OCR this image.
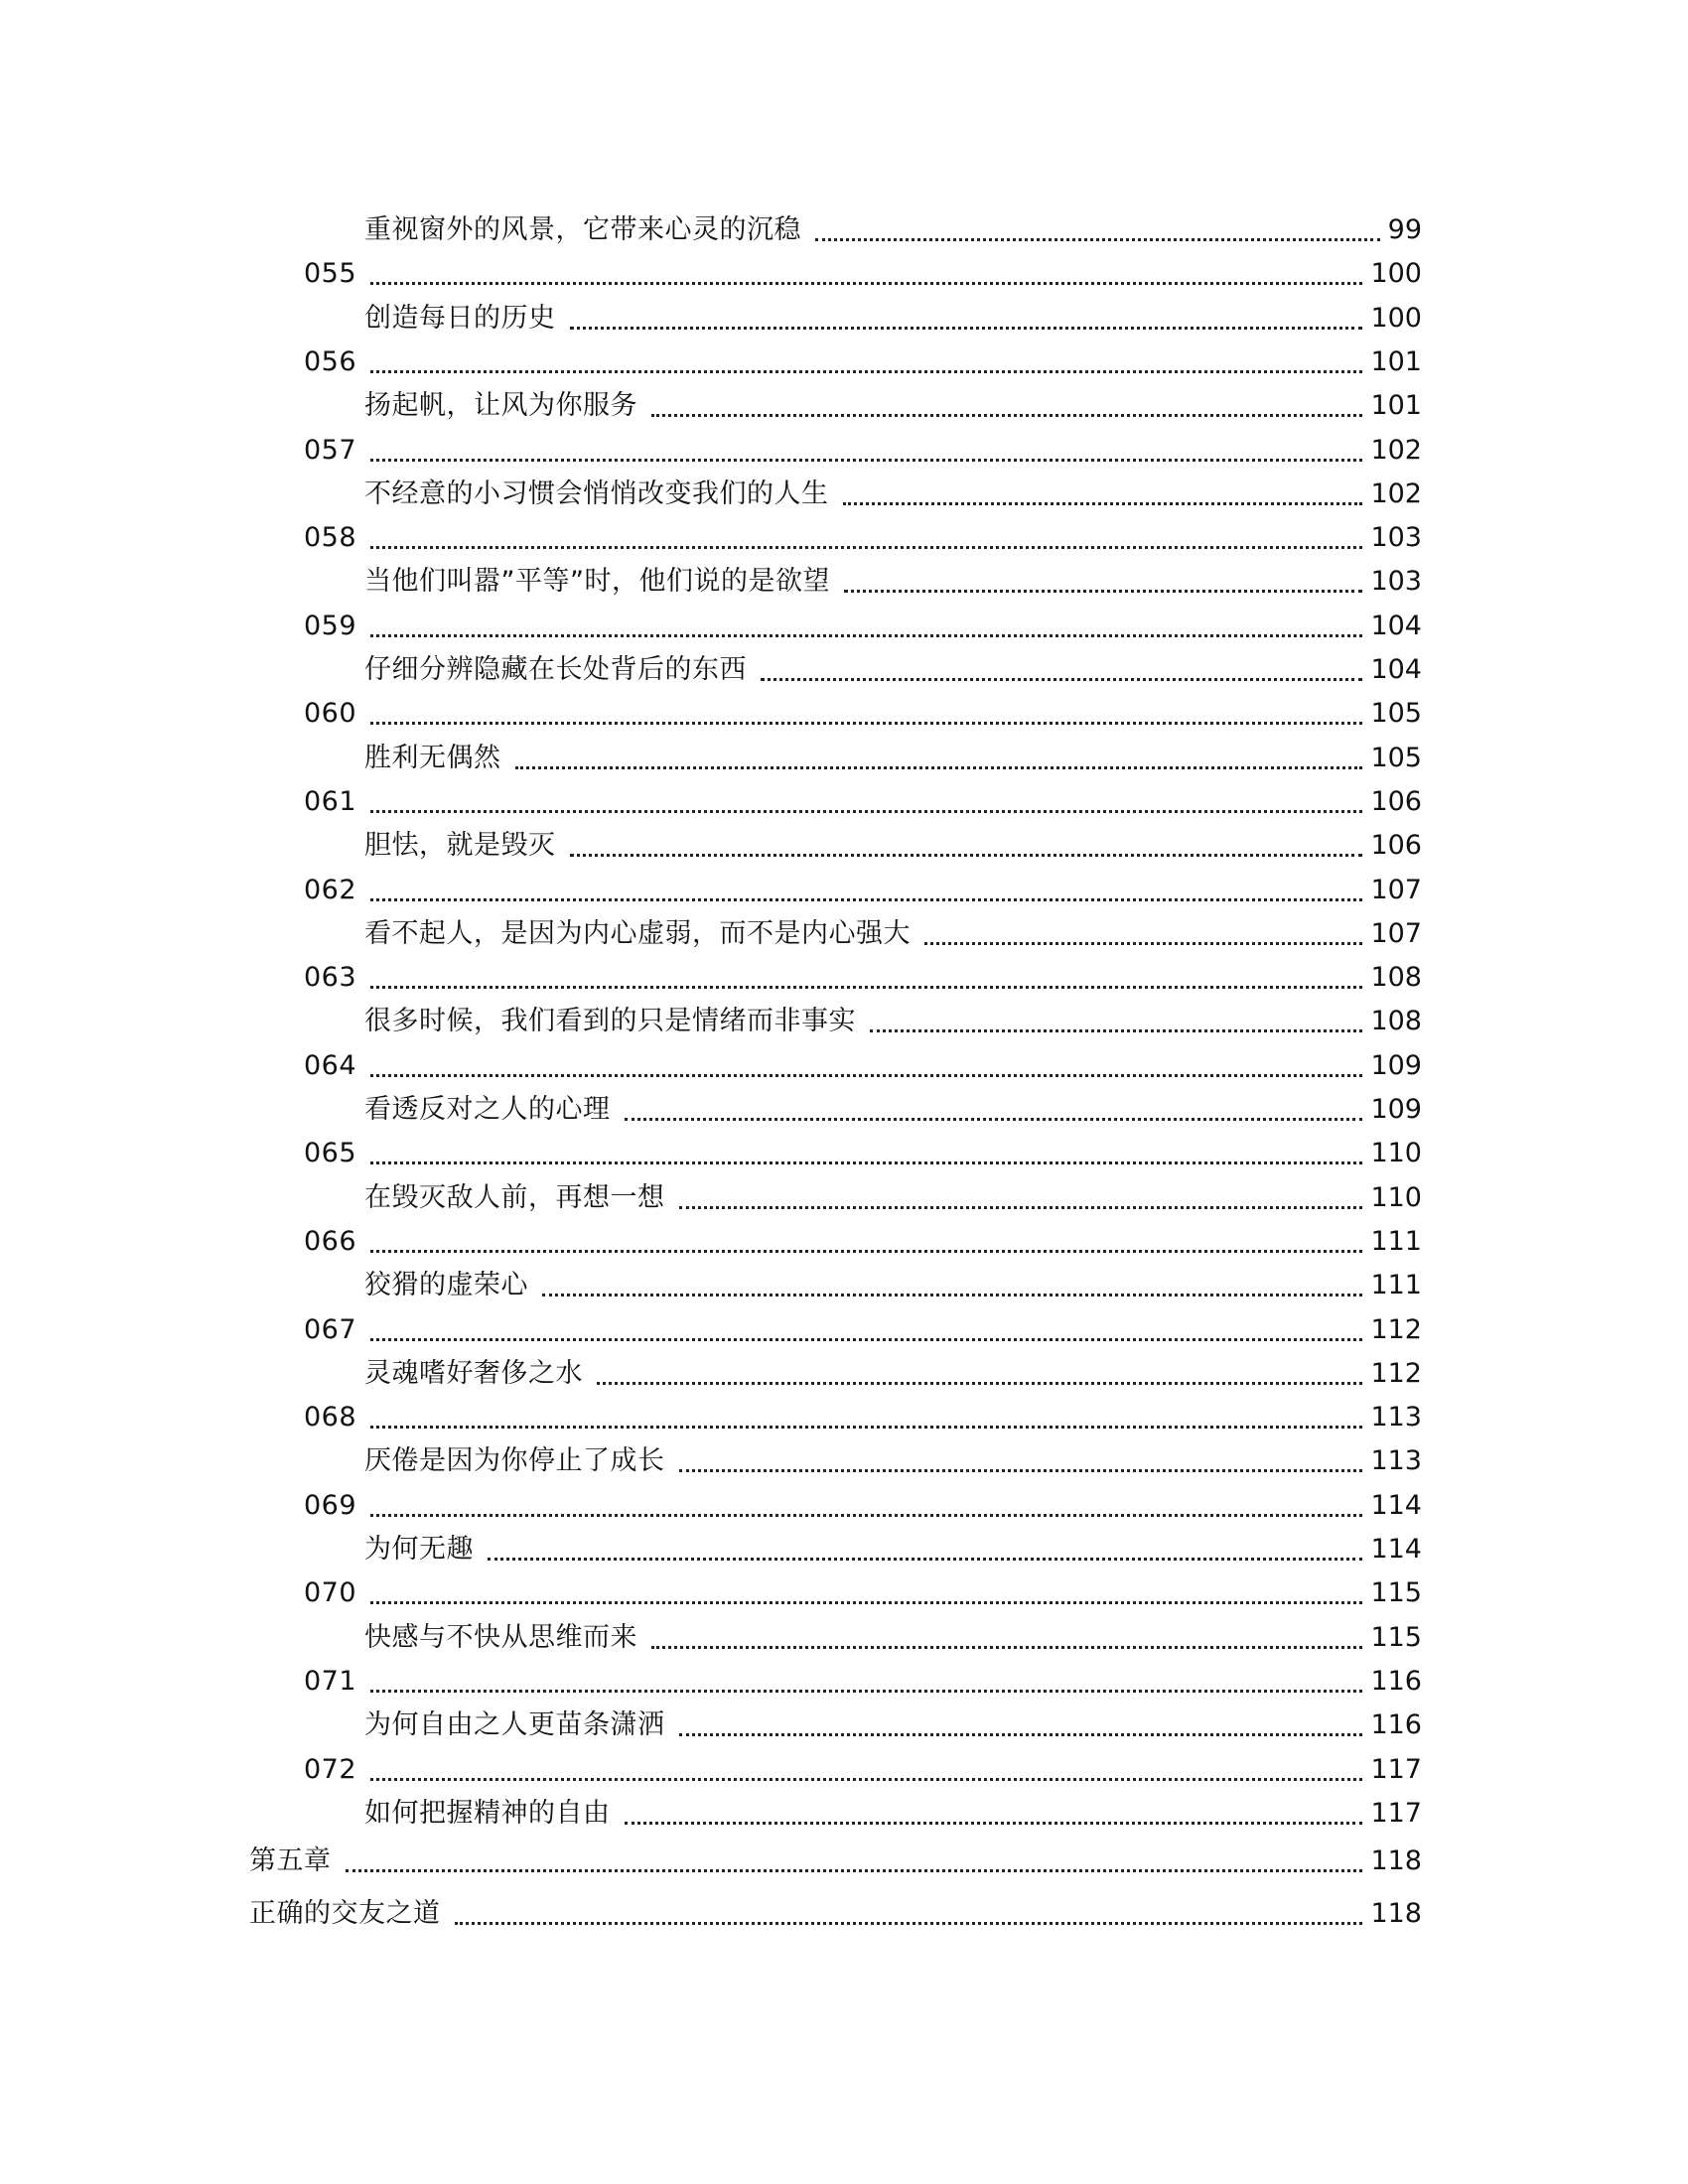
重视窗外的风景，它带来心灵的沉稳	99
055	100
创造每日的历史	100
056	101
扬起帆，让风为你服务	101
057	102
不经意的小习惯会悄悄改变我们的人生	102
058	103
当他们叫嚣”平等”时，他们说的是欲望	103
059	104
仔细分辨隐藏在长处背后的东西	104
060	105
胜利无偶然	105
061	106
胆怯，就是毁灭	106
062	107
看不起人，是因为内心虚弱，而不是内心强大	107
063	108
很多时候，我们看到的只是情绪而非事实	108
064	109
看透反对之人的心理	109
065	110
在毁灭敌人前，再想一想	110
066	111
狡猾的虚荣心	111
067	112
灵魂嗜好奢侈之水	112
068	113
厌倦是因为你停止了成长	113
069	114
为何无趣	114
070	115
快感与不快从思维而来	115
071	116
为何自由之人更苗条潇洒	116
072	117
如何把握精神的自由	117
第五章	118
正确的交友之道	118
